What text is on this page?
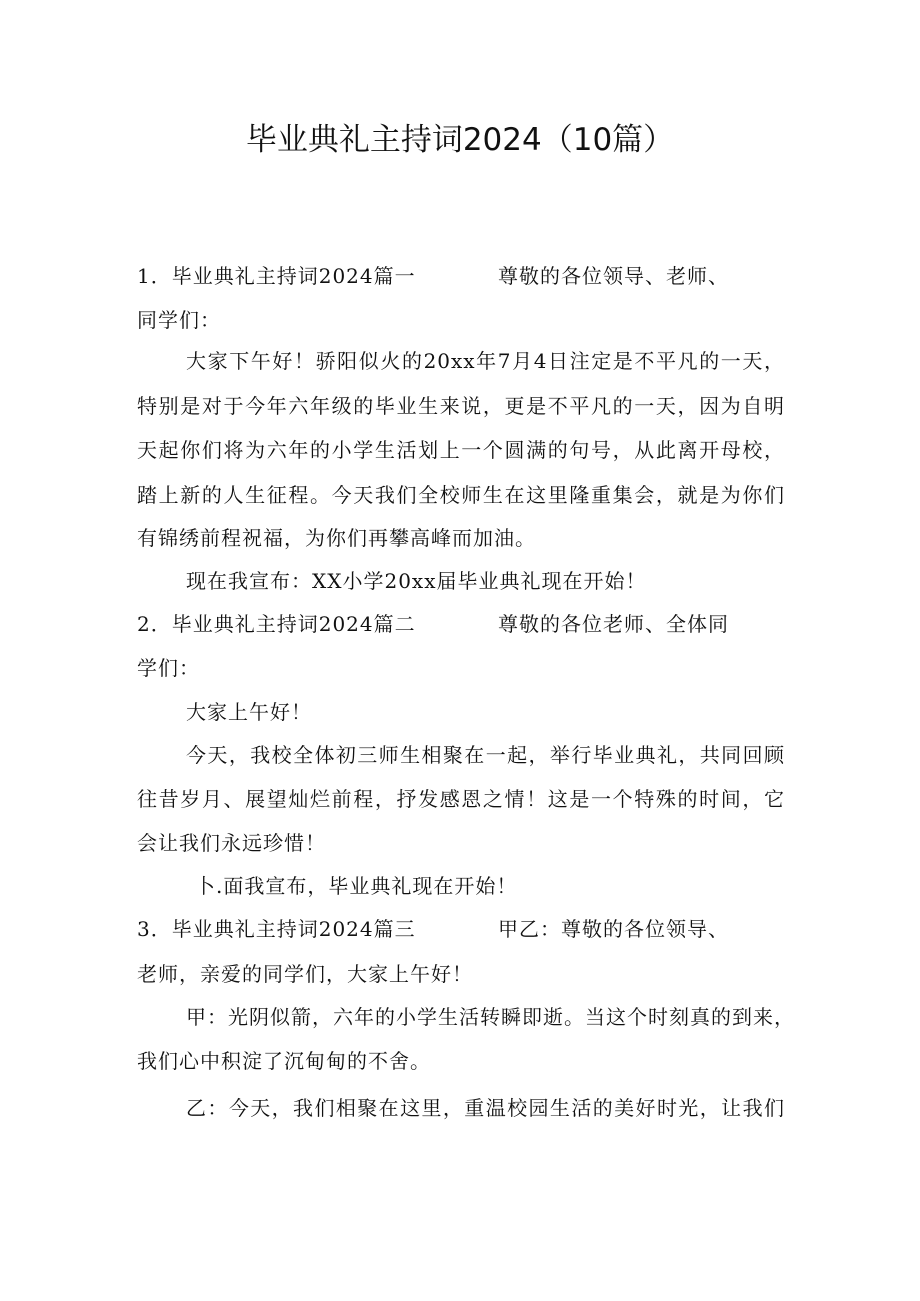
毕业典礼主持词2024（10篇）
1．毕业典礼主持词2024篇一	尊敬的各位领导、老师、
同学们：
大家下午好！骄阳似火的20xx年7月4日注定是不平凡的一天，
特别是对于今年六年级的毕业生来说，更是不平凡的一天，因为自明
天起你们将为六年的小学生活划上一个圆满的句号，从此离开母校，
踏上新的人生征程。今天我们全校师生在这里隆重集会，就是为你们
有锦绣前程祝福，为你们再攀高峰而加油。
现在我宣布：XX小学20xx届毕业典礼现在开始！
2．毕业典礼主持词2024篇二	尊敬的各位老师、全体同
学们：
大家上午好！
今天，我校全体初三师生相聚在一起，举行毕业典礼，共同回顾
往昔岁月、展望灿烂前程，抒发感恩之情！这是一个特殊的时间，它
会让我们永远珍惜！
卜.面我宣布，毕业典礼现在开始！
3．毕业典礼主持词2024篇三	甲乙：尊敬的各位领导、
老师，亲爱的同学们，大家上午好！
甲：光阴似箭，六年的小学生活转瞬即逝。当这个时刻真的到来，
我们心中积淀了沉甸甸的不舍。
乙：今天，我们相聚在这里，重温校园生活的美好时光，让我们
